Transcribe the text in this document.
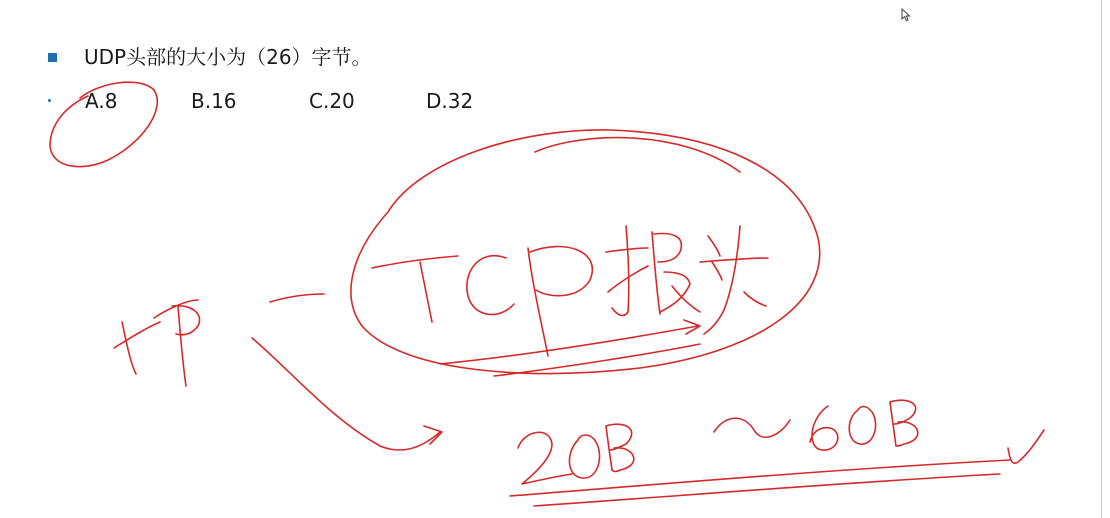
UDP头部的大小为（26）字节。
A.8	B.16	C.20	D.32
